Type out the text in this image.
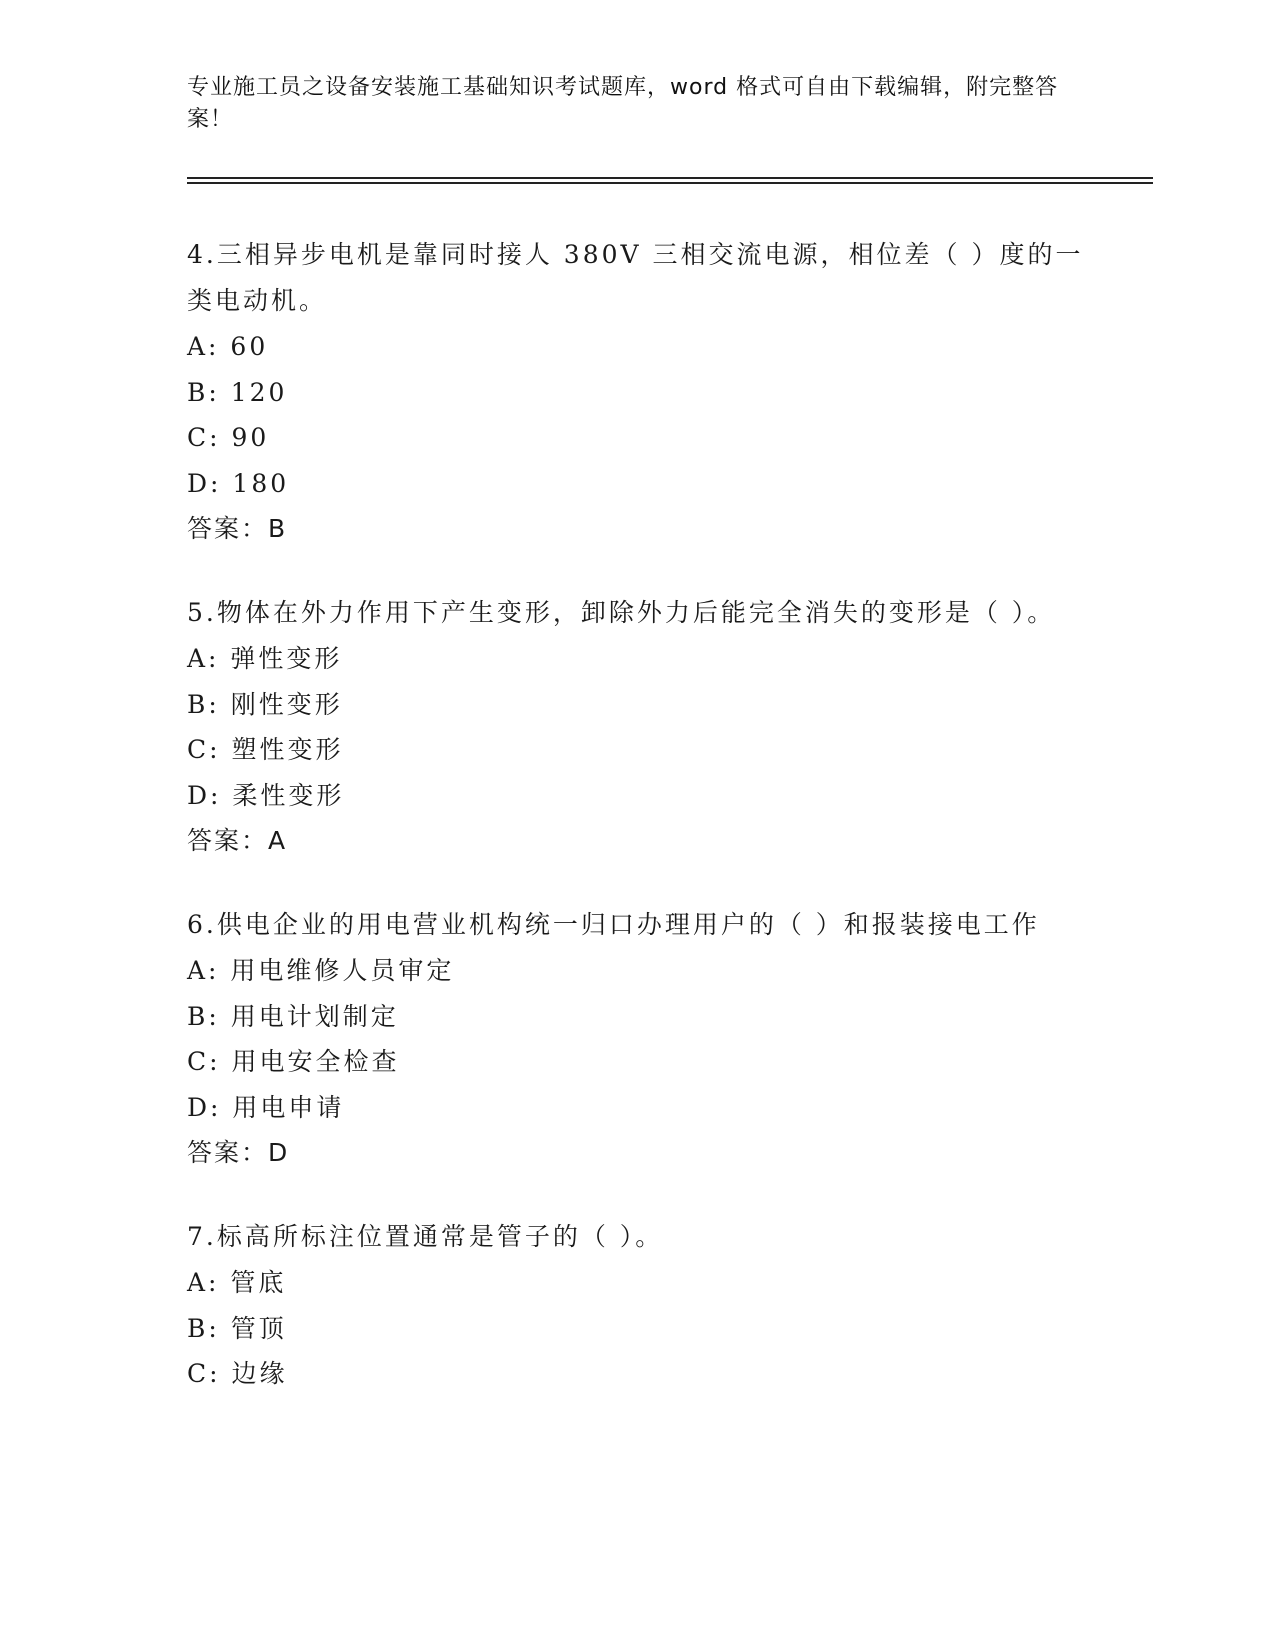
专业施工员之设备安装施工基础知识考试题库，word 格式可自由下载编辑，附完整答案！

4.三相异步电机是靠同时接人 380V 三相交流电源，相位差（ ）度的一类电动机。

A: 60

B: 120

C: 90

D: 180

答案：B

5.物体在外力作用下产生变形，卸除外力后能完全消失的变形是（ ）。

A: 弹性变形

B: 刚性变形

C: 塑性变形

D: 柔性变形

答案：A

6.供电企业的用电营业机构统一归口办理用户的（ ）和报装接电工作

A: 用电维修人员审定

B: 用电计划制定

C: 用电安全检查

D: 用电申请

答案：D

7.标高所标注位置通常是管子的（ ）。

A: 管底

B: 管顶

C: 边缘
